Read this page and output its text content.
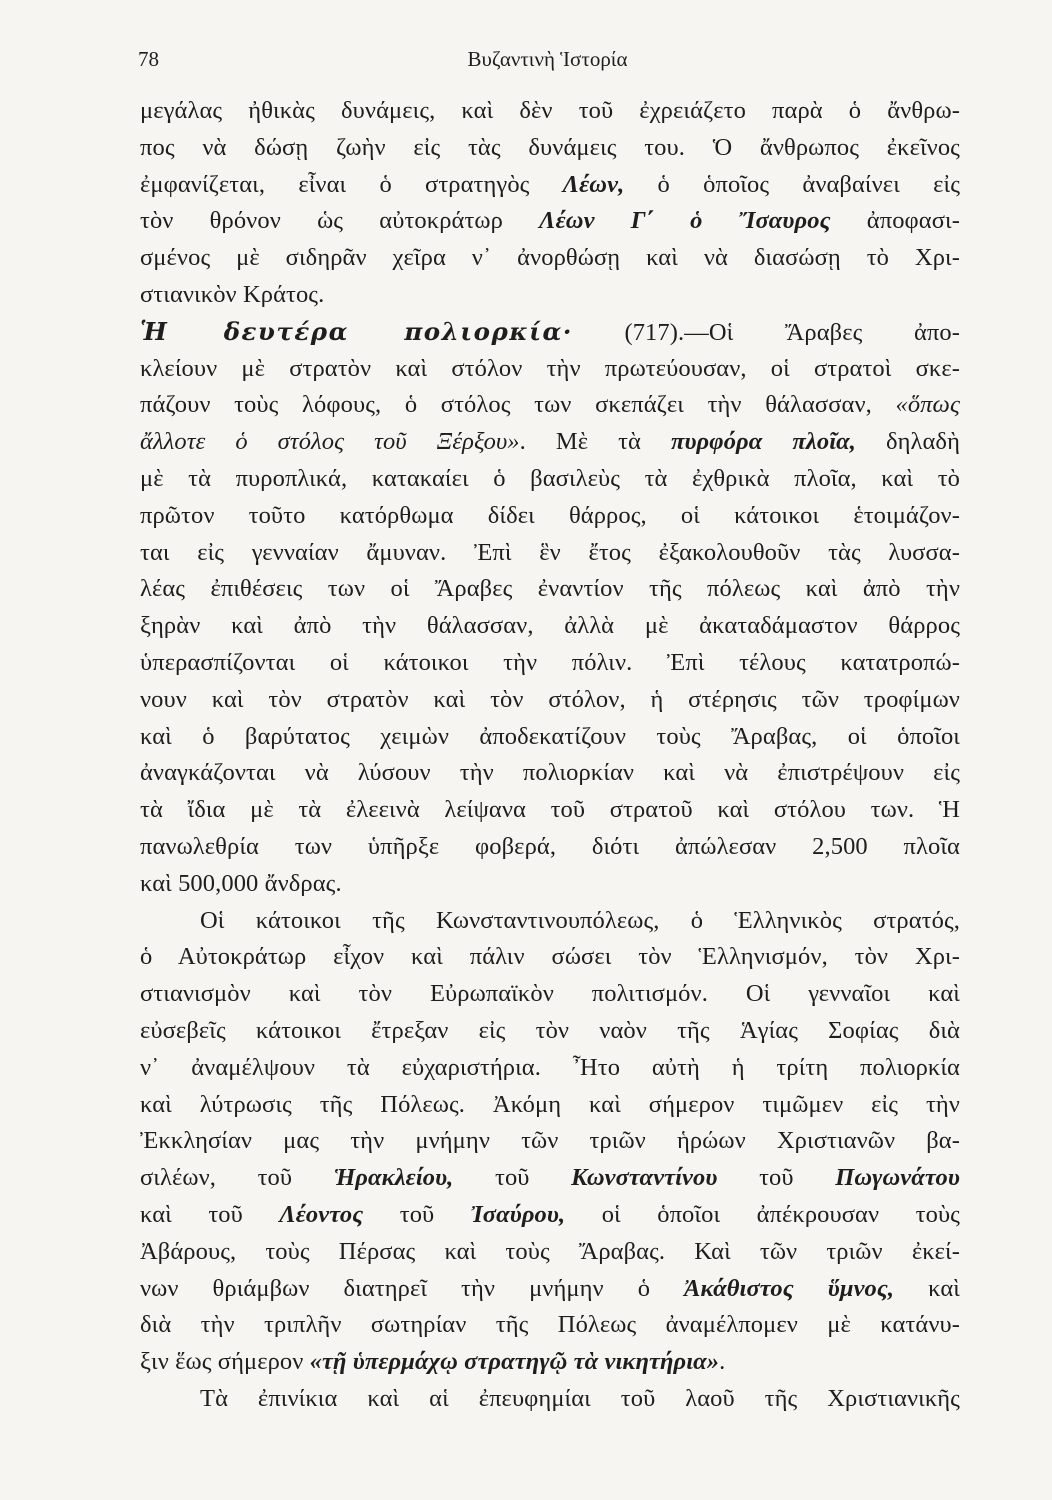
78	Βυζαντινὴ Ἱστορία
μεγάλας ἠθικὰς δυνάμεις, καὶ δὲν τοῦ ἐχρειάζετο παρὰ ὁ ἄνθρω-
πος νὰ δώσῃ ζωὴν εἰς τὰς δυνάμεις του. Ὁ ἄνθρωπος ἐκεῖνος
ἐμφανίζεται, εἶναι ὁ στρατηγὸς Λέων, ὁ ὁποῖος ἀναβαίνει εἰς
τὸν θρόνον ὡς αὐτοκράτωρ Λέων Γ΄ ὁ Ἴσαυρος ἀποφασι-
σμένος μὲ σιδηρᾶν χεῖρα ν᾽ ἀνορθώσῃ καὶ νὰ διασώσῃ τὸ Χρι-
στιανικὸν Κράτος.
Ἡ δευτέρα πολιορκία· (717).—Οἱ Ἄραβες ἀπο-
κλείουν μὲ στρατὸν καὶ στόλον τὴν πρωτεύουσαν, οἱ στρατοὶ σκε-
πάζουν τοὺς λόφους, ὁ στόλος των σκεπάζει τὴν θάλασσαν, «ὅπως
ἄλλοτε ὁ στόλος τοῦ Ξέρξου». Μὲ τὰ πυρφόρα πλοῖα, δηλαδὴ
μὲ τὰ πυροπλικά, κατακαίει ὁ βασιλεὺς τὰ ἐχθρικὰ πλοῖα, καὶ τὸ
πρῶτον τοῦτο κατόρθωμα δίδει θάρρος, οἱ κάτοικοι ἑτοιμάζον-
ται εἰς γενναίαν ἄμυναν. Ἐπὶ ἓν ἔτος ἐξακολουθοῦν τὰς λυσσα-
λέας ἐπιθέσεις των οἱ Ἄραβες ἐναντίον τῆς πόλεως καὶ ἀπὸ τὴν
ξηρὰν καὶ ἀπὸ τὴν θάλασσαν, ἀλλὰ μὲ ἀκαταδάμαστον θάρρος
ὑπερασπίζονται οἱ κάτοικοι τὴν πόλιν. Ἐπὶ τέλους κατατροπώ-
νουν καὶ τὸν στρατὸν καὶ τὸν στόλον, ἡ στέρησις τῶν τροφίμων
καὶ ὁ βαρύτατος χειμὼν ἀποδεκατίζουν τοὺς Ἄραβας, οἱ ὁποῖοι
ἀναγκάζονται νὰ λύσουν τὴν πολιορκίαν καὶ νὰ ἐπιστρέψουν εἰς
τὰ ἴδια μὲ τὰ ἐλεεινὰ λείψανα τοῦ στρατοῦ καὶ στόλου των. Ἡ
πανωλεθρία των ὑπῆρξε φοβερά, διότι ἀπώλεσαν 2,500 πλοῖα
καὶ 500,000 ἄνδρας.
Οἱ κάτοικοι τῆς Κωνσταντινουπόλεως, ὁ Ἑλληνικὸς στρατός,
ὁ Αὐτοκράτωρ εἶχον καὶ πάλιν σώσει τὸν Ἑλληνισμόν, τὸν Χρι-
στιανισμὸν καὶ τὸν Εὐρωπαϊκὸν πολιτισμόν. Οἱ γενναῖοι καὶ
εὐσεβεῖς κάτοικοι ἔτρεξαν εἰς τὸν ναὸν τῆς Ἁγίας Σοφίας διὰ
ν᾽ ἀναμέλψουν τὰ εὐχαριστήρια. Ἦτο αὐτὴ ἡ τρίτη πολιορκία
καὶ λύτρωσις τῆς Πόλεως. Ἀκόμη καὶ σήμερον τιμῶμεν εἰς τὴν
Ἐκκλησίαν μας τὴν μνήμην τῶν τριῶν ἡρώων Χριστιανῶν βα-
σιλέων, τοῦ Ἡρακλείου, τοῦ Κωνσταντίνου τοῦ Πωγωνάτου
καὶ τοῦ Λέοντος τοῦ Ἰσαύρου, οἱ ὁποῖοι ἀπέκρουσαν τοὺς
Ἀβάρους, τοὺς Πέρσας καὶ τοὺς Ἄραβας. Καὶ τῶν τριῶν ἐκεί-
νων θριάμβων διατηρεῖ τὴν μνήμην ὁ Ἀκάθιστος ὕμνος, καὶ
διὰ τὴν τριπλῆν σωτηρίαν τῆς Πόλεως ἀναμέλπομεν μὲ κατάνυ-
ξιν ἕως σήμερον «τῇ ὑπερμάχῳ στρατηγῷ τὰ νικητήρια».
Τὰ ἐπινίκια καὶ αἱ ἐπευφημίαι τοῦ λαοῦ τῆς Χριστιανικῆς
